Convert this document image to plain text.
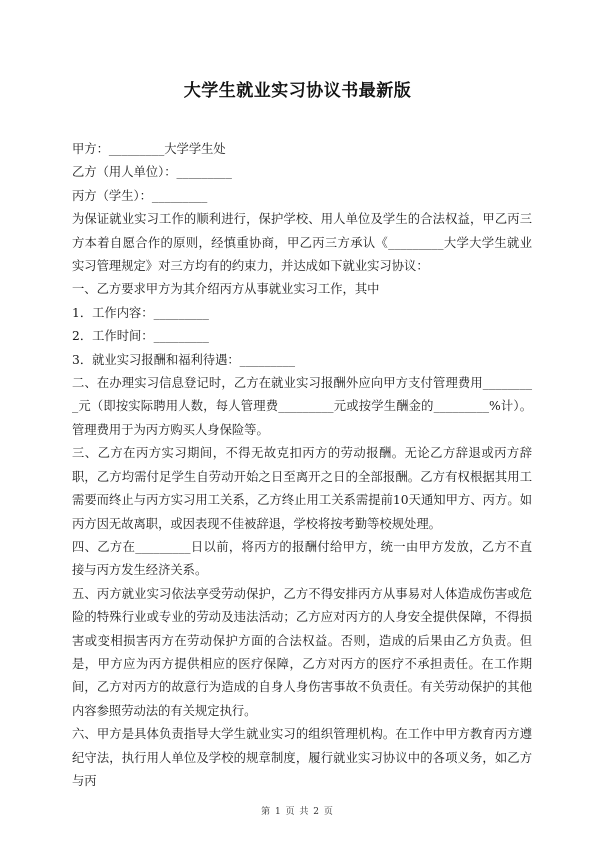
大学生就业实习协议书最新版

甲方：_________大学学生处

乙方（用人单位）：_________

丙方（学生）：_________

为保证就业实习工作的顺利进行，保护学校、用人单位及学生的合法权益，甲乙丙三方本着自愿合作的原则，经慎重协商，甲乙丙三方承认《_________大学大学生就业实习管理规定》对三方均有的约束力，并达成如下就业实习协议：

一、乙方要求甲方为其介绍丙方从事就业实习工作，其中

1．工作内容：_________

2．工作时间：_________

3．就业实习报酬和福利待遇：_________

二、在办理实习信息登记时，乙方在就业实习报酬外应向甲方支付管理费用_________元（即按实际聘用人数，每人管理费_________元或按学生酬金的_________%计）。管理费用于为丙方购买人身保险等。

三、乙方在丙方实习期间，不得无故克扣丙方的劳动报酬。无论乙方辞退或丙方辞职，乙方均需付足学生自劳动开始之日至离开之日的全部报酬。乙方有权根据其用工需要而终止与丙方实习用工关系，乙方终止用工关系需提前10天通知甲方、丙方。如丙方因无故离职，或因表现不佳被辞退，学校将按考勤等校规处理。

四、乙方在_________日以前，将丙方的报酬付给甲方，统一由甲方发放，乙方不直接与丙方发生经济关系。

五、丙方就业实习依法享受劳动保护，乙方不得安排丙方从事易对人体造成伤害或危险的特殊行业或专业的劳动及违法活动；乙方应对丙方的人身安全提供保障，不得损害或变相损害丙方在劳动保护方面的合法权益。否则，造成的后果由乙方负责。但是，甲方应为丙方提供相应的医疗保障，乙方对丙方的医疗不承担责任。在工作期间，乙方对丙方的故意行为造成的自身人身伤害事故不负责任。有关劳动保护的其他内容参照劳动法的有关规定执行。

六、甲方是具体负责指导大学生就业实习的组织管理机构。在工作中甲方教育丙方遵纪守法，执行用人单位及学校的规章制度，履行就业实习协议中的各项义务，如乙方与丙

第 1 页 共 2 页
